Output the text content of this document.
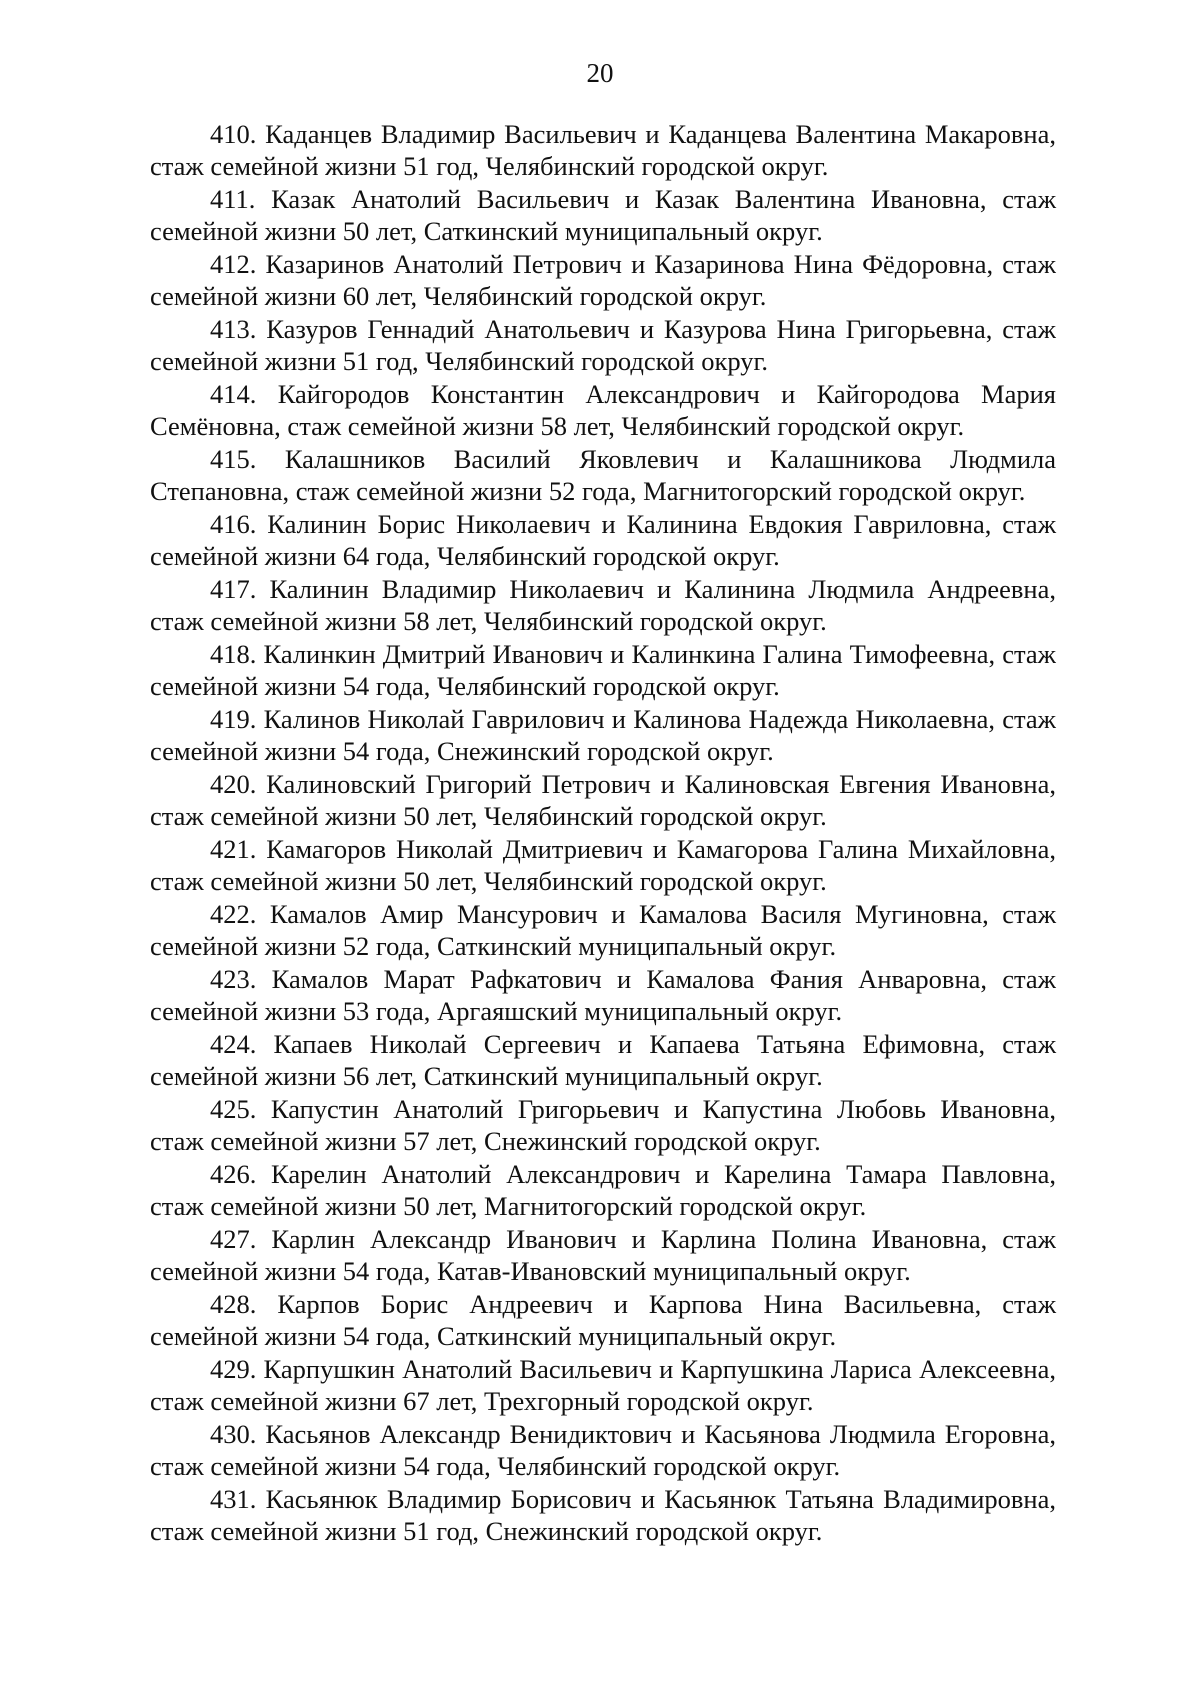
20

410. Каданцев Владимир Васильевич и Каданцева Валентина Макаровна, стаж семейной жизни 51 год, Челябинский городской округ.

411. Казак Анатолий Васильевич и Казак Валентина Ивановна, стаж семейной жизни 50 лет, Саткинский муниципальный округ.

412. Казаринов Анатолий Петрович и Казаринова Нина Фёдоровна, стаж семейной жизни 60 лет, Челябинский городской округ.

413. Казуров Геннадий Анатольевич и Казурова Нина Григорьевна, стаж семейной жизни 51 год, Челябинский городской округ.

414. Кайгородов Константин Александрович и Кайгородова Мария Семёновна, стаж семейной жизни 58 лет, Челябинский городской округ.

415. Калашников Василий Яковлевич и Калашникова Людмила Степановна, стаж семейной жизни 52 года, Магнитогорский городской округ.

416. Калинин Борис Николаевич и Калинина Евдокия Гавриловна, стаж семейной жизни 64 года, Челябинский городской округ.

417. Калинин Владимир Николаевич и Калинина Людмила Андреевна, стаж семейной жизни 58 лет, Челябинский городской округ.

418. Калинкин Дмитрий Иванович и Калинкина Галина Тимофеевна, стаж семейной жизни 54 года, Челябинский городской округ.

419. Калинов Николай Гаврилович и Калинова Надежда Николаевна, стаж семейной жизни 54 года, Снежинский городской округ.

420. Калиновский Григорий Петрович и Калиновская Евгения Ивановна, стаж семейной жизни 50 лет, Челябинский городской округ.

421. Камагоров Николай Дмитриевич и Камагорова Галина Михайловна, стаж семейной жизни 50 лет, Челябинский городской округ.

422. Камалов Амир Мансурович и Камалова Василя Мугиновна, стаж семейной жизни 52 года, Саткинский муниципальный округ.

423. Камалов Марат Рафкатович и Камалова Фания Анваровна, стаж семейной жизни 53 года, Аргаяшский муниципальный округ.

424. Капаев Николай Сергеевич и Капаева Татьяна Ефимовна, стаж семейной жизни 56 лет, Саткинский муниципальный округ.

425. Капустин Анатолий Григорьевич и Капустина Любовь Ивановна, стаж семейной жизни 57 лет, Снежинский городской округ.

426. Карелин Анатолий Александрович и Карелина Тамара Павловна, стаж семейной жизни 50 лет, Магнитогорский городской округ.

427. Карлин Александр Иванович и Карлина Полина Ивановна, стаж семейной жизни 54 года, Катав-Ивановский муниципальный округ.

428. Карпов Борис Андреевич и Карпова Нина Васильевна, стаж семейной жизни 54 года, Саткинский муниципальный округ.

429. Карпушкин Анатолий Васильевич и Карпушкина Лариса Алексеевна, стаж семейной жизни 67 лет, Трехгорный городской округ.

430. Касьянов Александр Венидиктович и Касьянова Людмила Егоровна, стаж семейной жизни 54 года, Челябинский городской округ.

431. Касьянюк Владимир Борисович и Касьянюк Татьяна Владимировна, стаж семейной жизни 51 год, Снежинский городской округ.
